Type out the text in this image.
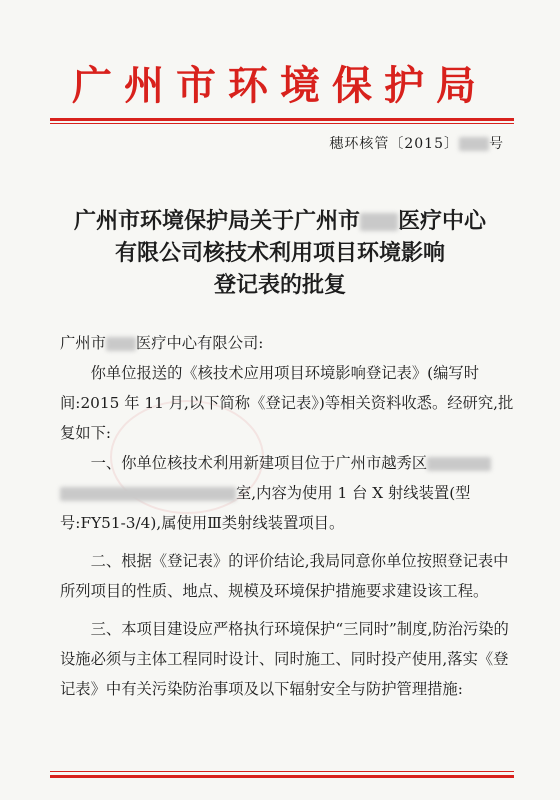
广州市环境保护局
穗环核管〔2015〕 号
广州市环境保护局关于广州市 医疗中心
有限公司核技术利用项目环境影响
登记表的批复

广州市 医疗中心有限公司:

你单位报送的《核技术应用项目环境影响登记表》(编写时间:2015 年 11 月,以下简称《登记表》)等相关资料收悉。经研究,批复如下:

一、你单位核技术利用新建项目位于广州市越秀区
室,内容为使用 1 台 X 射线装置(型号:FY51-3/4),属使用Ⅲ类射线装置项目。

二、根据《登记表》的评价结论,我局同意你单位按照登记表中所列项目的性质、地点、规模及环境保护措施要求建设该工程。

三、本项目建设应严格执行环境保护“三同时”制度,防治污染的设施必须与主体工程同时设计、同时施工、同时投产使用,落实《登记表》中有关污染防治事项及以下辐射安全与防护管理措施:
